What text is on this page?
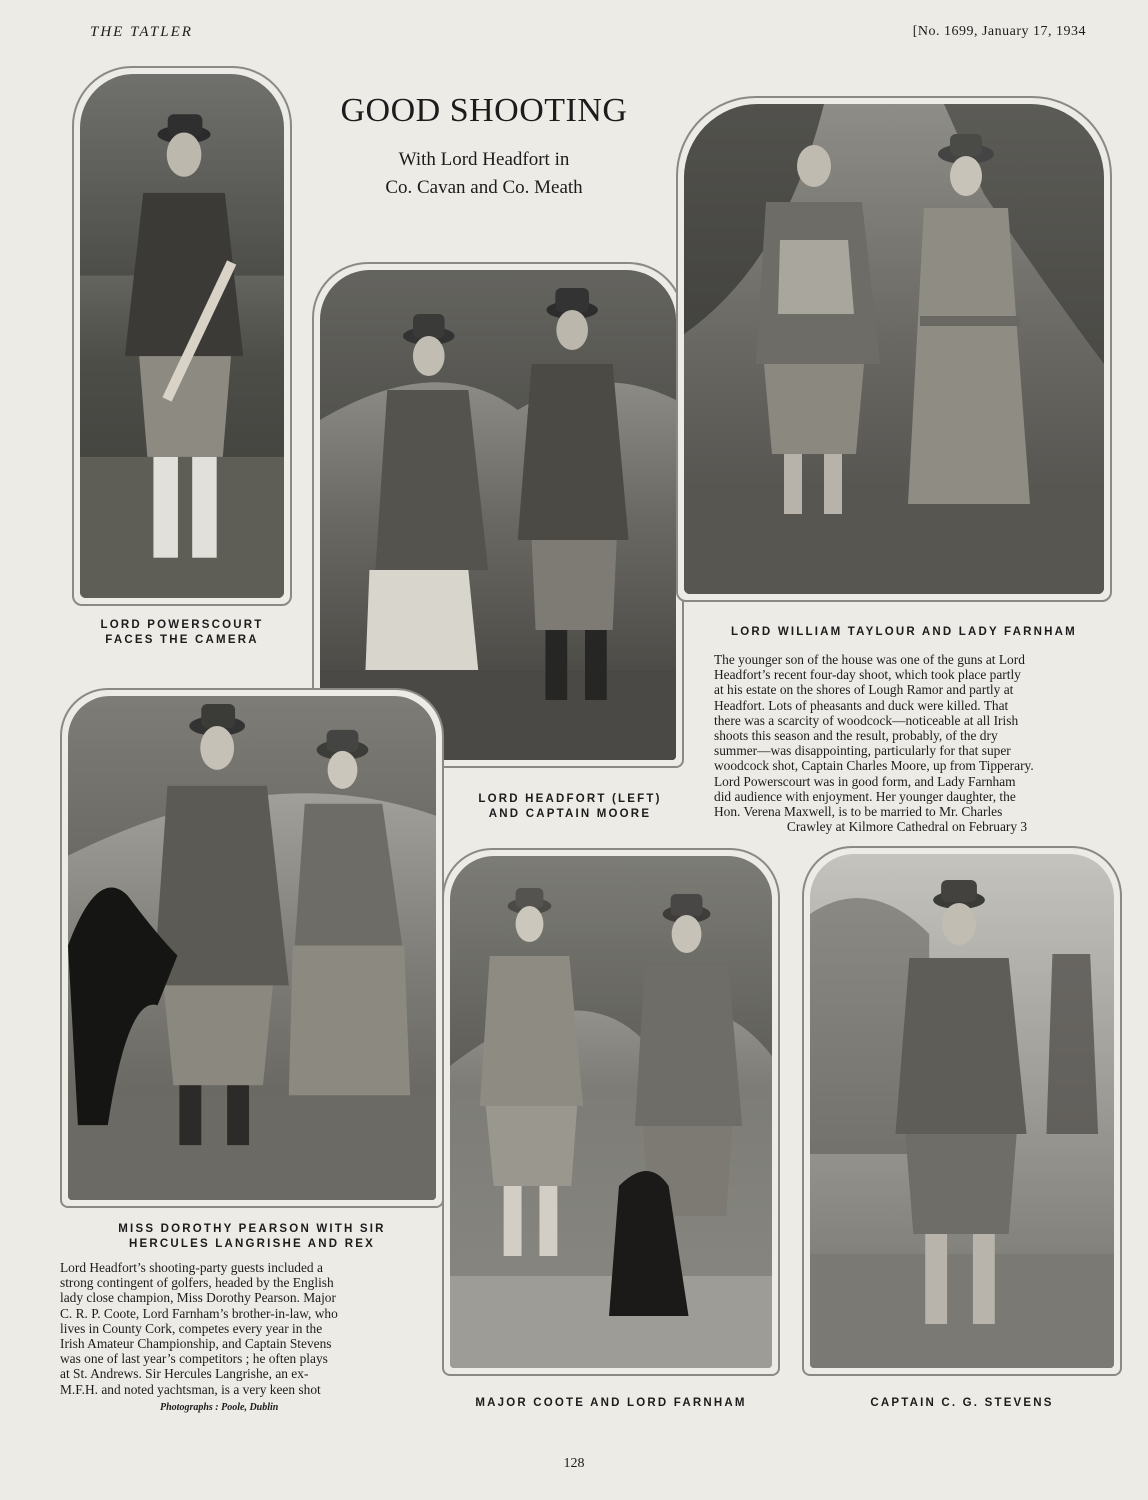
THE TATLER	[No. 1699, January 17, 1934
GOOD SHOOTING
With Lord Headfort in
Co. Cavan and Co. Meath
LORD POWERSCOURT
FACES THE CAMERA
LORD HEADFORT (LEFT)
AND CAPTAIN MOORE
LORD WILLIAM TAYLOUR AND LADY FARNHAM

The younger son of the house was one of the guns at Lord

Headfort’s recent four-day shoot, which took place partly

at his estate on the shores of Lough Ramor and partly at

Headfort. Lots of pheasants and duck were killed. That

there was a scarcity of woodcock—noticeable at all Irish

shoots this season and the result, probably, of the dry

summer—was disappointing, particularly for that super

woodcock shot, Captain Charles Moore, up from Tipperary.

Lord Powerscourt was in good form, and Lady Farnham

did audience with enjoyment. Her younger daughter, the

Hon. Verena Maxwell, is to be married to Mr. Charles

Crawley at Kilmore Cathedral on February 3

MISS DOROTHY PEARSON WITH SIR
HERCULES LANGRISHE AND REX

Lord Headfort’s shooting-party guests included a

strong contingent of golfers, headed by the English

lady close champion, Miss Dorothy Pearson. Major

C. R. P. Coote, Lord Farnham’s brother-in-law, who

lives in County Cork, competes every year in the

Irish Amateur Championship, and Captain Stevens

was one of last year’s competitors ; he often plays

at St. Andrews. Sir Hercules Langrishe, an ex-

M.F.H. and noted yachtsman, is a very keen shot

Photographs : Poole, Dublin	MAJOR COOTE AND LORD FARNHAM	CAPTAIN C. G. STEVENS
128
